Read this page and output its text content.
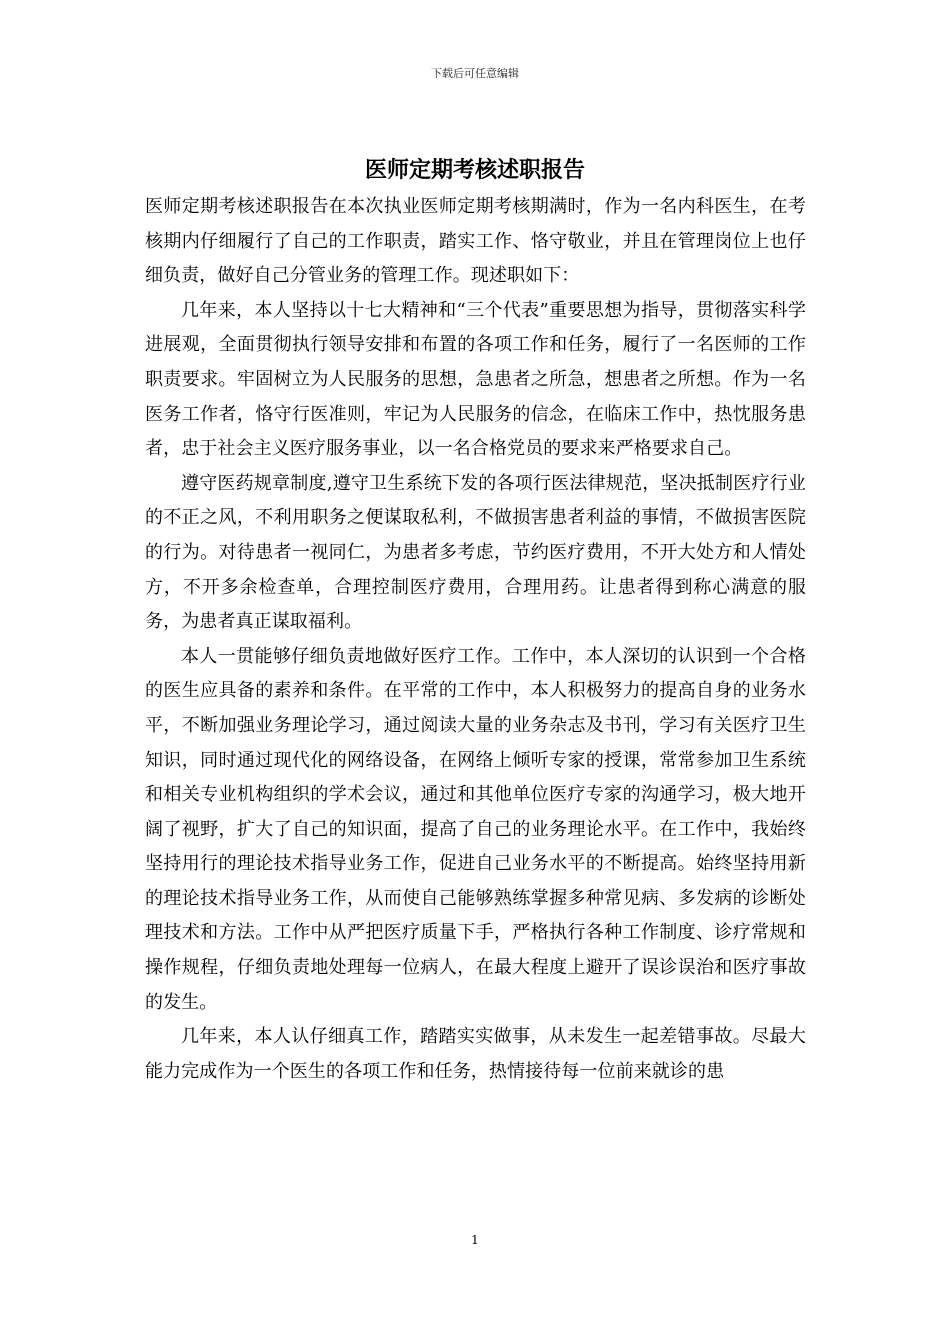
下载后可任意编辑
医师定期考核述职报告

医师定期考核述职报告在本次执业医师定期考核期满时，作为一名内科医生，在考核期内仔细履行了自己的工作职责，踏实工作、恪守敬业，并且在管理岗位上也仔细负责，做好自己分管业务的管理工作。现述职如下：

几年来，本人坚持以十七大精神和“三个代表”重要思想为指导，贯彻落实科学进展观，全面贯彻执行领导安排和布置的各项工作和任务，履行了一名医师的工作职责要求。牢固树立为人民服务的思想，急患者之所急，想患者之所想。作为一名医务工作者，恪守行医准则，牢记为人民服务的信念，在临床工作中，热忱服务患者，忠于社会主义医疗服务事业，以一名合格党员的要求来严格要求自己。

遵守医药规章制度,遵守卫生系统下发的各项行医法律规范，坚决抵制医疗行业的不正之风，不利用职务之便谋取私利，不做损害患者利益的事情，不做损害医院的行为。对待患者一视同仁，为患者多考虑，节约医疗费用，不开大处方和人情处方，不开多余检查单，合理控制医疗费用，合理用药。让患者得到称心满意的服务，为患者真正谋取福利。

本人一贯能够仔细负责地做好医疗工作。工作中，本人深切的认识到一个合格的医生应具备的素养和条件。在平常的工作中，本人积极努力的提高自身的业务水平，不断加强业务理论学习，通过阅读大量的业务杂志及书刊，学习有关医疗卫生知识，同时通过现代化的网络设备，在网络上倾听专家的授课，常常参加卫生系统和相关专业机构组织的学术会议，通过和其他单位医疗专家的沟通学习，极大地开阔了视野，扩大了自己的知识面，提高了自己的业务理论水平。在工作中，我始终坚持用行的理论技术指导业务工作，促进自己业务水平的不断提高。始终坚持用新的理论技术指导业务工作，从而使自己能够熟练掌握多种常见病、多发病的诊断处理技术和方法。工作中从严把医疗质量下手，严格执行各种工作制度、诊疗常规和操作规程，仔细负责地处理每一位病人，在最大程度上避开了误诊误治和医疗事故的发生。

几年来，本人认仔细真工作，踏踏实实做事，从未发生一起差错事故。尽最大能力完成作为一个医生的各项工作和任务，热情接待每一位前来就诊的患

1
